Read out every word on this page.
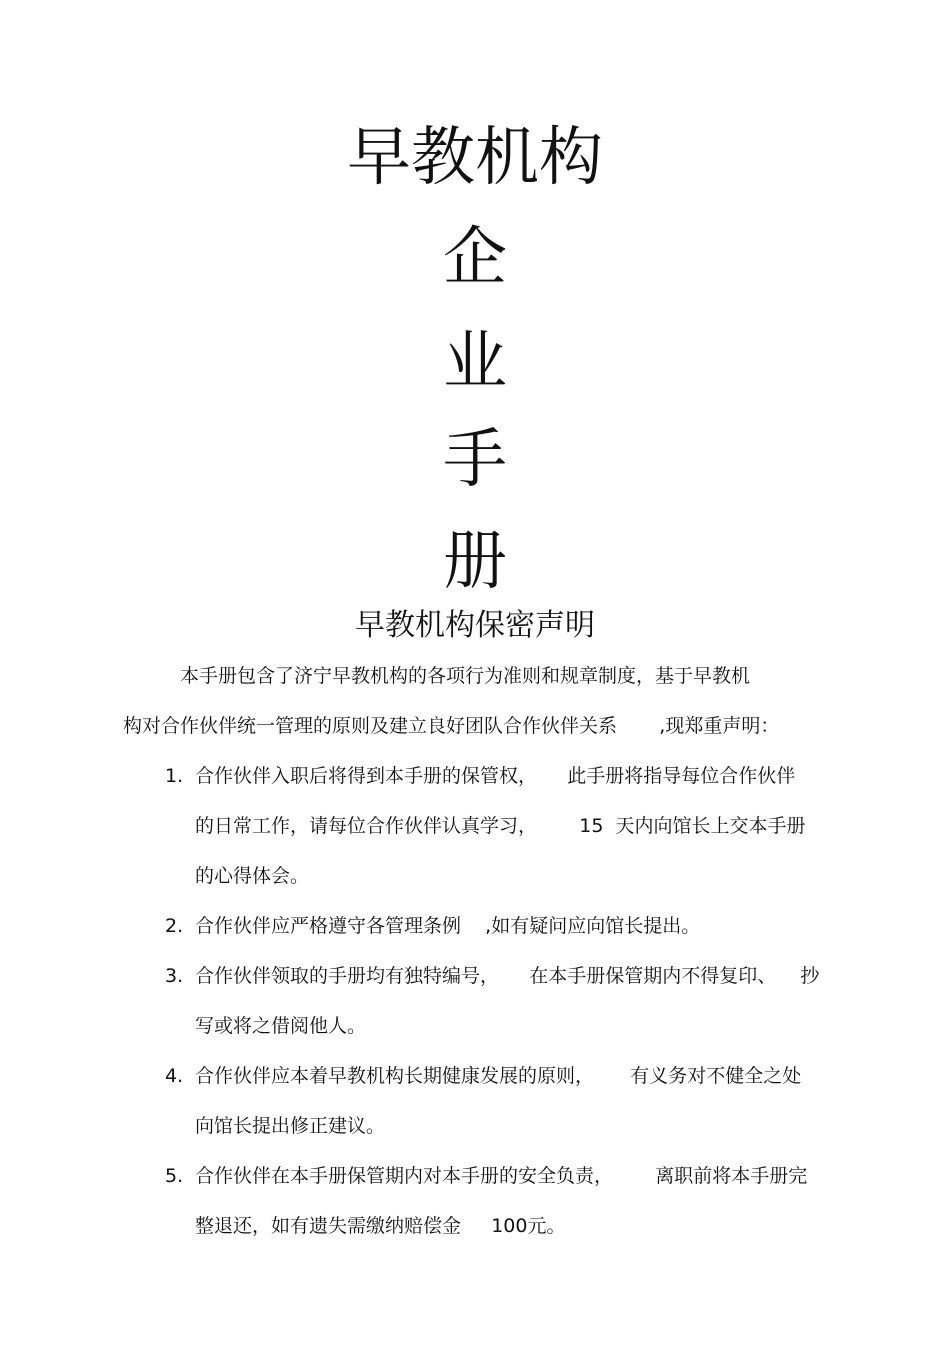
早教机构
企
业
手
册
早教机构保密声明
本手册包含了济宁早教机构的各项行为准则和规章制度，基于早教机
构对合作伙伴统一管理的原则及建立良好团队合作伙伴关系       ,现郑重声明：
1. 合作伙伴入职后将得到本手册的保管权，     此手册将指导每位合作伙伴
的日常工作，请每位合作伙伴认真学习，       15  天内向馆长上交本手册
的心得体会。
2. 合作伙伴应严格遵守各管理条例    ,如有疑问应向馆长提出。
3. 合作伙伴领取的手册均有独特编号，     在本手册保管期内不得复印、    抄
写或将之借阅他人。
4. 合作伙伴应本着早教机构长期健康发展的原则，      有义务对不健全之处
向馆长提出修正建议。
5. 合作伙伴在本手册保管期内对本手册的安全负责，       离职前将本手册完
整退还，如有遗失需缴纳赔偿金     100元。
